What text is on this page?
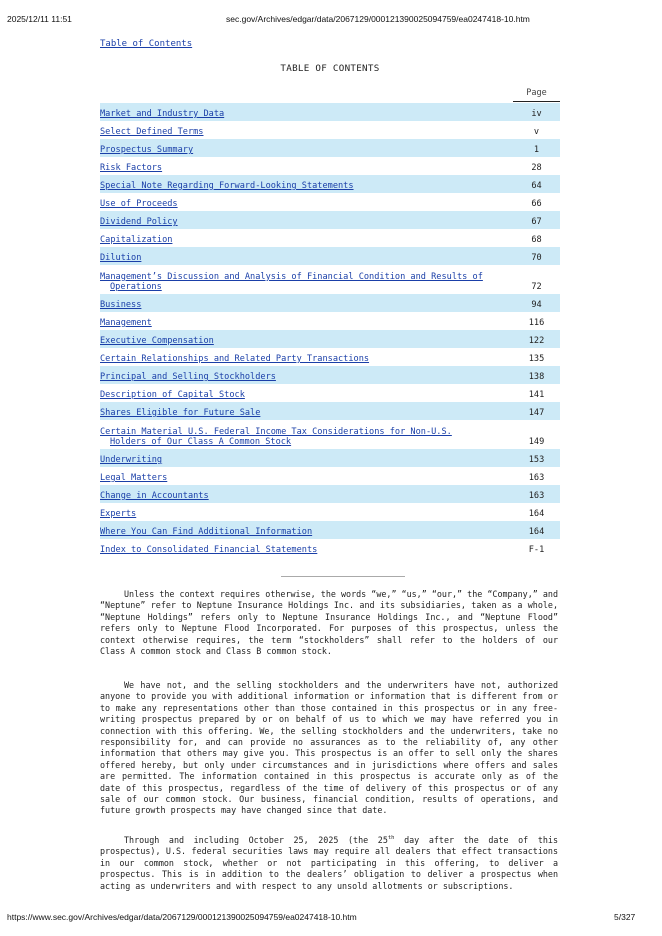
2025/12/11 11:51	sec.gov/Archives/edgar/data/2067129/000121390025094759/ea0247418-10.htm
Table of Contents
TABLE OF CONTENTS
Page
Market and Industry Data	iv
Select Defined Terms	v
Prospectus Summary	1
Risk Factors	28
Special Note Regarding Forward-Looking Statements	64
Use of Proceeds	66
Dividend Policy	67
Capitalization	68
Dilution	70
Management’s Discussion and Analysis of Financial Condition and Results of
Operations	72
Business	94
Management	116
Executive Compensation	122
Certain Relationships and Related Party Transactions	135
Principal and Selling Stockholders	138
Description of Capital Stock	141
Shares Eligible for Future Sale	147
Certain Material U.S. Federal Income Tax Considerations for Non-U.S.
Holders of Our Class A Common Stock	149
Underwriting	153
Legal Matters	163
Change in Accountants	163
Experts	164
Where You Can Find Additional Information	164
Index to Consolidated Financial Statements	F-1

Unless the context requires otherwise, the words “we,” “us,” “our,” the “Company,” and “Neptune” refer to Neptune Insurance Holdings Inc. and its subsidiaries, taken as a whole, “Neptune Holdings” refers only to Neptune Insurance Holdings Inc., and “Neptune Flood” refers only to Neptune Flood Incorporated. For purposes of this prospectus, unless the context otherwise requires, the term “stockholders” shall refer to the holders of our Class A common stock and Class B common stock.

We have not, and the selling stockholders and the underwriters have not, authorized anyone to provide you with additional information or information that is different from or to make any representations other than those contained in this prospectus or in any free-writing prospectus prepared by or on behalf of us to which we may have referred you in connection with this offering. We, the selling stockholders and the underwriters, take no responsibility for, and can provide no assurances as to the reliability of, any other information that others may give you. This prospectus is an offer to sell only the shares offered hereby, but only under circumstances and in jurisdictions where offers and sales are permitted. The information contained in this prospectus is accurate only as of the date of this prospectus, regardless of the time of delivery of this prospectus or of any sale of our common stock. Our business, financial condition, results of operations, and future growth prospects may have changed since that date.

Through and including October 25, 2025 (the 25th day after the date of this prospectus), U.S. federal securities laws may require all dealers that effect transactions in our common stock, whether or not participating in this offering, to deliver a prospectus. This is in addition to the dealers’ obligation to deliver a prospectus when acting as underwriters and with respect to any unsold allotments or subscriptions.

https://www.sec.gov/Archives/edgar/data/2067129/000121390025094759/ea0247418-10.htm	5/327
